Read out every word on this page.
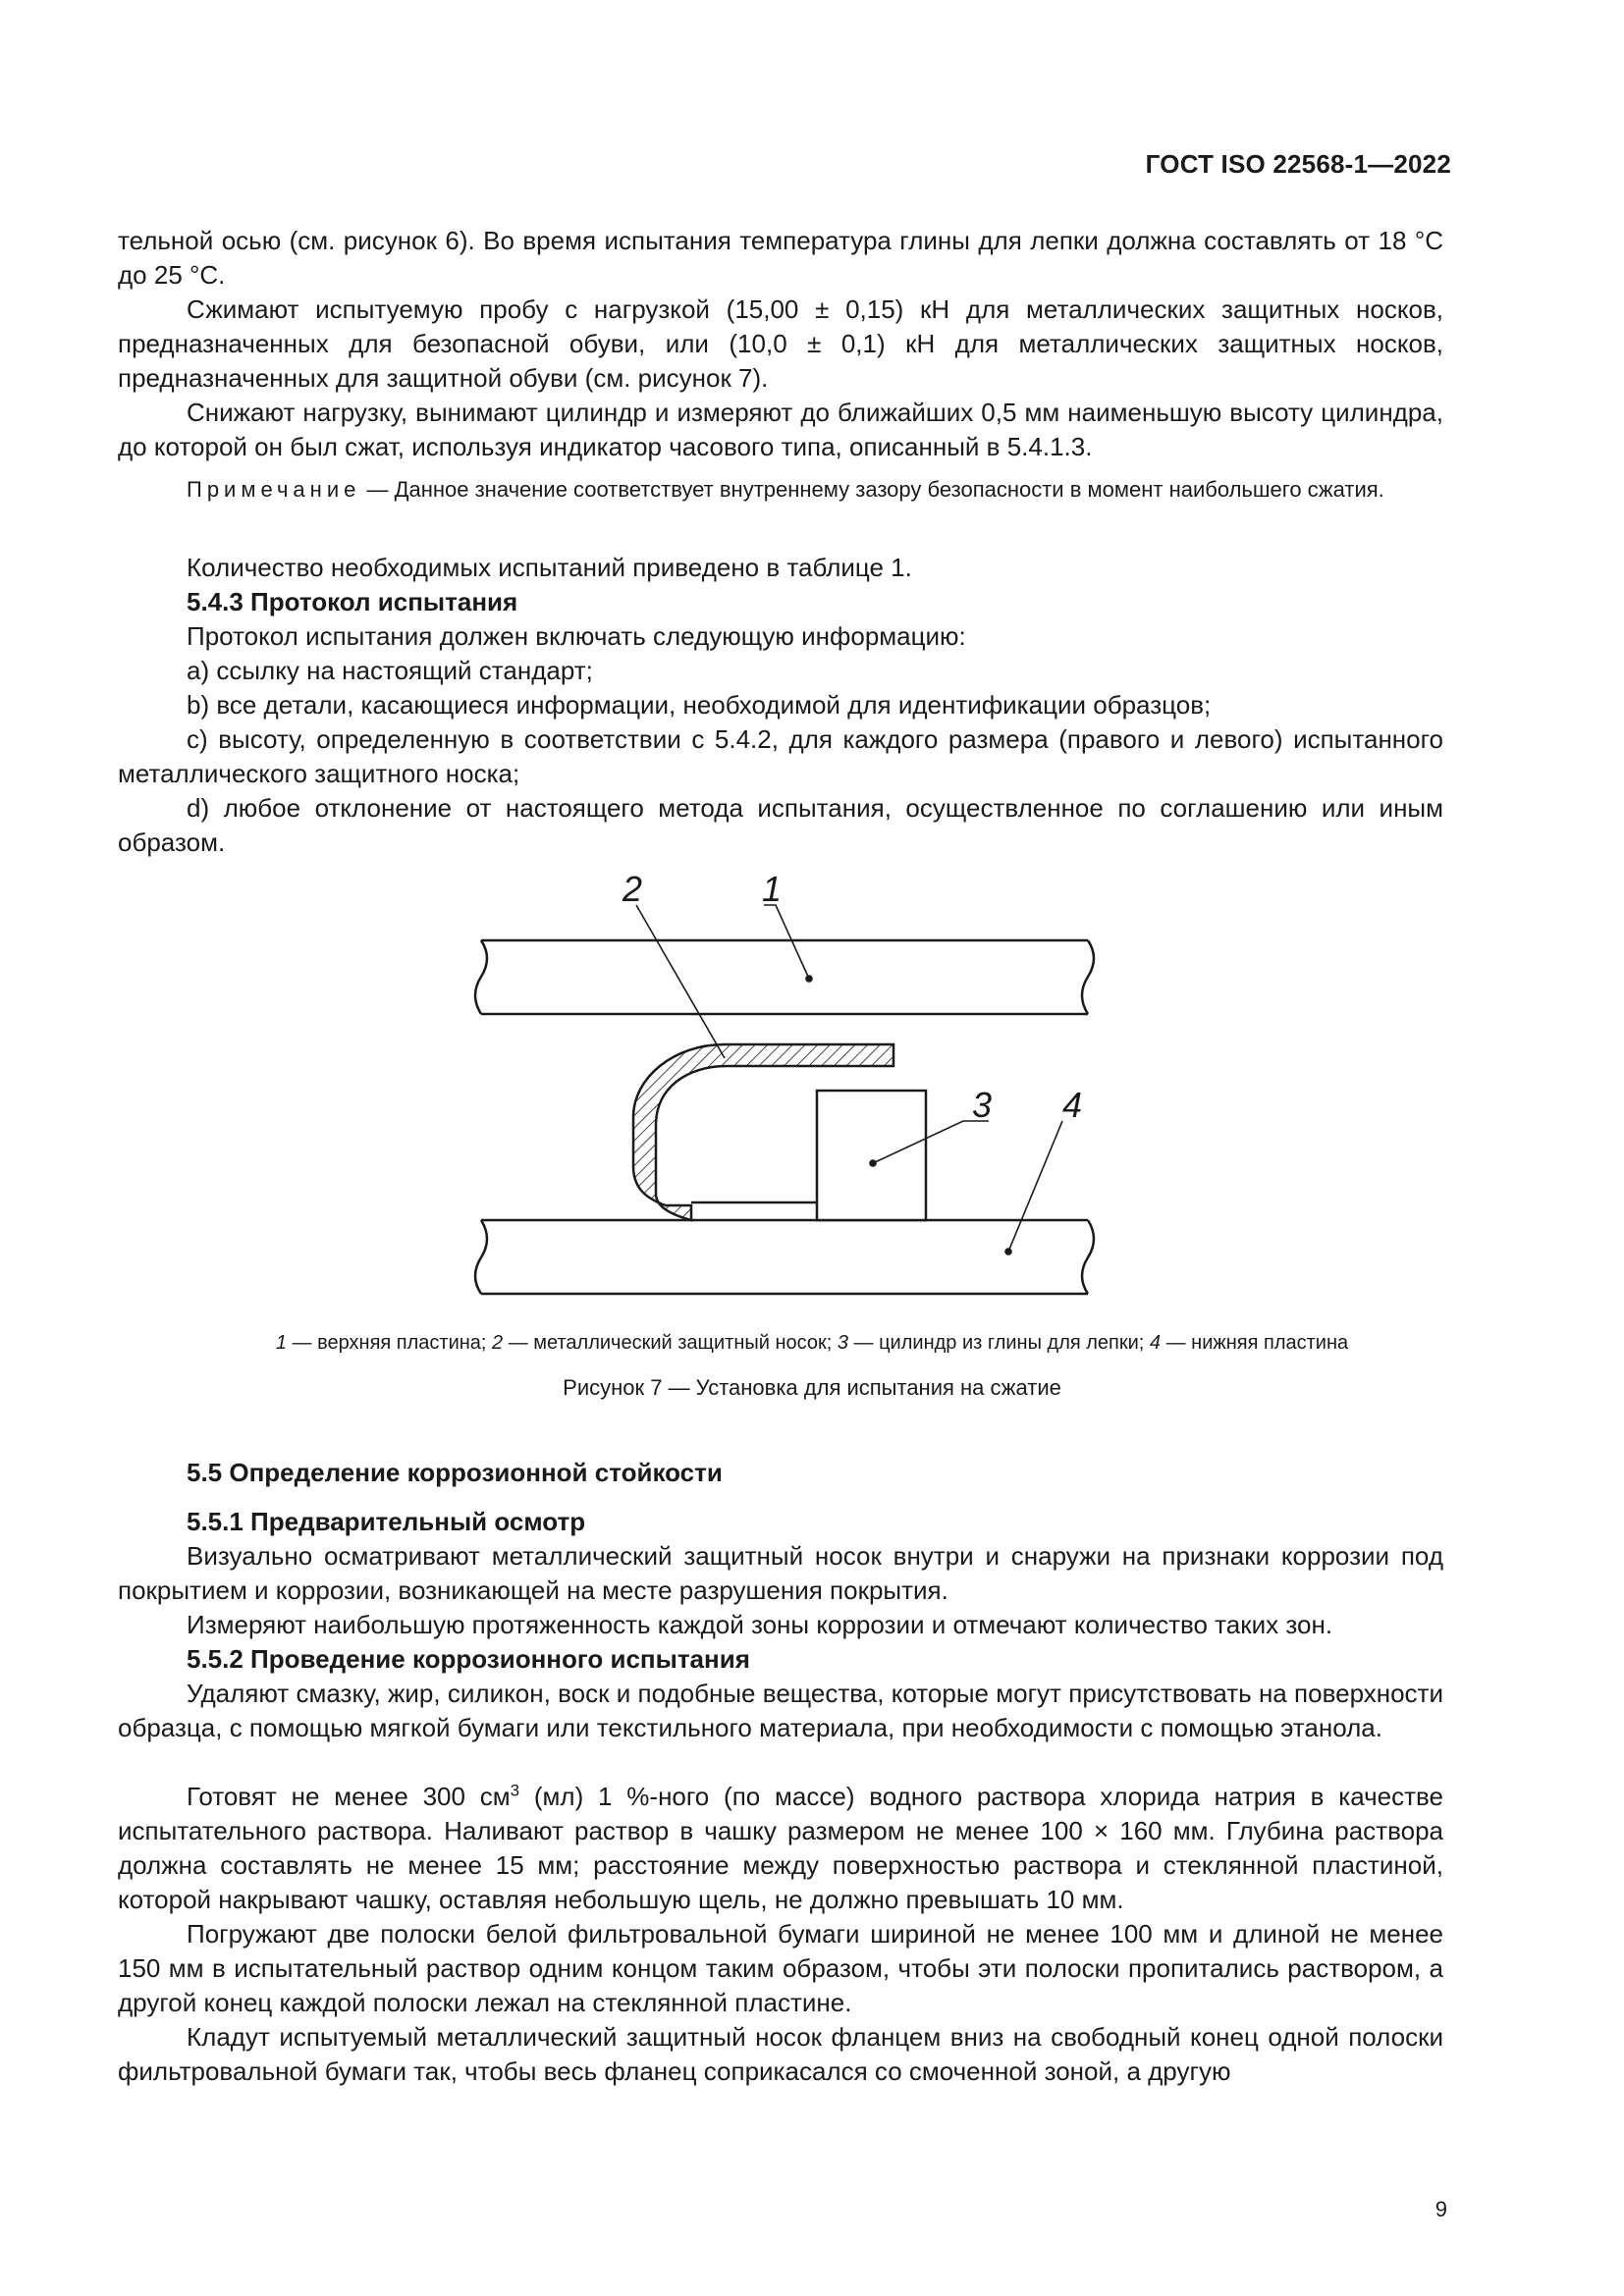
ГОСТ ISO 22568-1—2022

тельной осью (см. рисунок 6). Во время испытания температура глины для лепки должна составлять от 18 °С до 25 °С.

Сжимают испытуемую пробу с нагрузкой (15,00 ± 0,15) кН для металлических защитных носков, предназначенных для безопасной обуви, или (10,0 ± 0,1) кН для металлических защитных носков, предназначенных для защитной обуви (см. рисунок 7).

Снижают нагрузку, вынимают цилиндр и измеряют до ближайших 0,5 мм наименьшую высоту цилиндра, до которой он был сжат, используя индикатор часового типа, описанный в 5.4.1.3.

Примечание — Данное значение соответствует внутреннему зазору безопасности в момент наибольшего сжатия.

Количество необходимых испытаний приведено в таблице 1.

5.4.3 Протокол испытания

Протокол испытания должен включать следующую информацию:

a) ссылку на настоящий стандарт;

b) все детали, касающиеся информации, необходимой для идентификации образцов;

c) высоту, определенную в соответствии с 5.4.2, для каждого размера (правого и левого) испытанного металлического защитного носка;

d) любое отклонение от настоящего метода испытания, осуществленное по соглашению или иным образом.

2	1
3 4
1 — верхняя пластина; 2 — металлический защитный носок; 3 — цилиндр из глины для лепки; 4 — нижняя пластина
Рисунок 7 — Установка для испытания на сжатие

5.5 Определение коррозионной стойкости

5.5.1 Предварительный осмотр

Визуально осматривают металлический защитный носок внутри и снаружи на признаки коррозии под покрытием и коррозии, возникающей на месте разрушения покрытия.

Измеряют наибольшую протяженность каждой зоны коррозии и отмечают количество таких зон.

5.5.2 Проведение коррозионного испытания

Удаляют смазку, жир, силикон, воск и подобные вещества, которые могут присутствовать на поверхности образца, с помощью мягкой бумаги или текстильного материала, при необходимости с помощью этанола.

Готовят не менее 300 $см^3$ (мл) 1 %-ного (по массе) водного раствора хлорида натрия в качестве испытательного раствора. Наливают раствор в чашку размером не менее 100 × 160 мм. Глубина раствора должна составлять не менее 15 мм; расстояние между поверхностью раствора и стеклянной пластиной, которой накрывают чашку, оставляя небольшую щель, не должно превышать 10 мм.

Погружают две полоски белой фильтровальной бумаги шириной не менее 100 мм и длиной не менее 150 мм в испытательный раствор одним концом таким образом, чтобы эти полоски пропитались раствором, а другой конец каждой полоски лежал на стеклянной пластине.

Кладут испытуемый металлический защитный носок фланцем вниз на свободный конец одной полоски фильтровальной бумаги так, чтобы весь фланец соприкасался со смоченной зоной, а другую

9
